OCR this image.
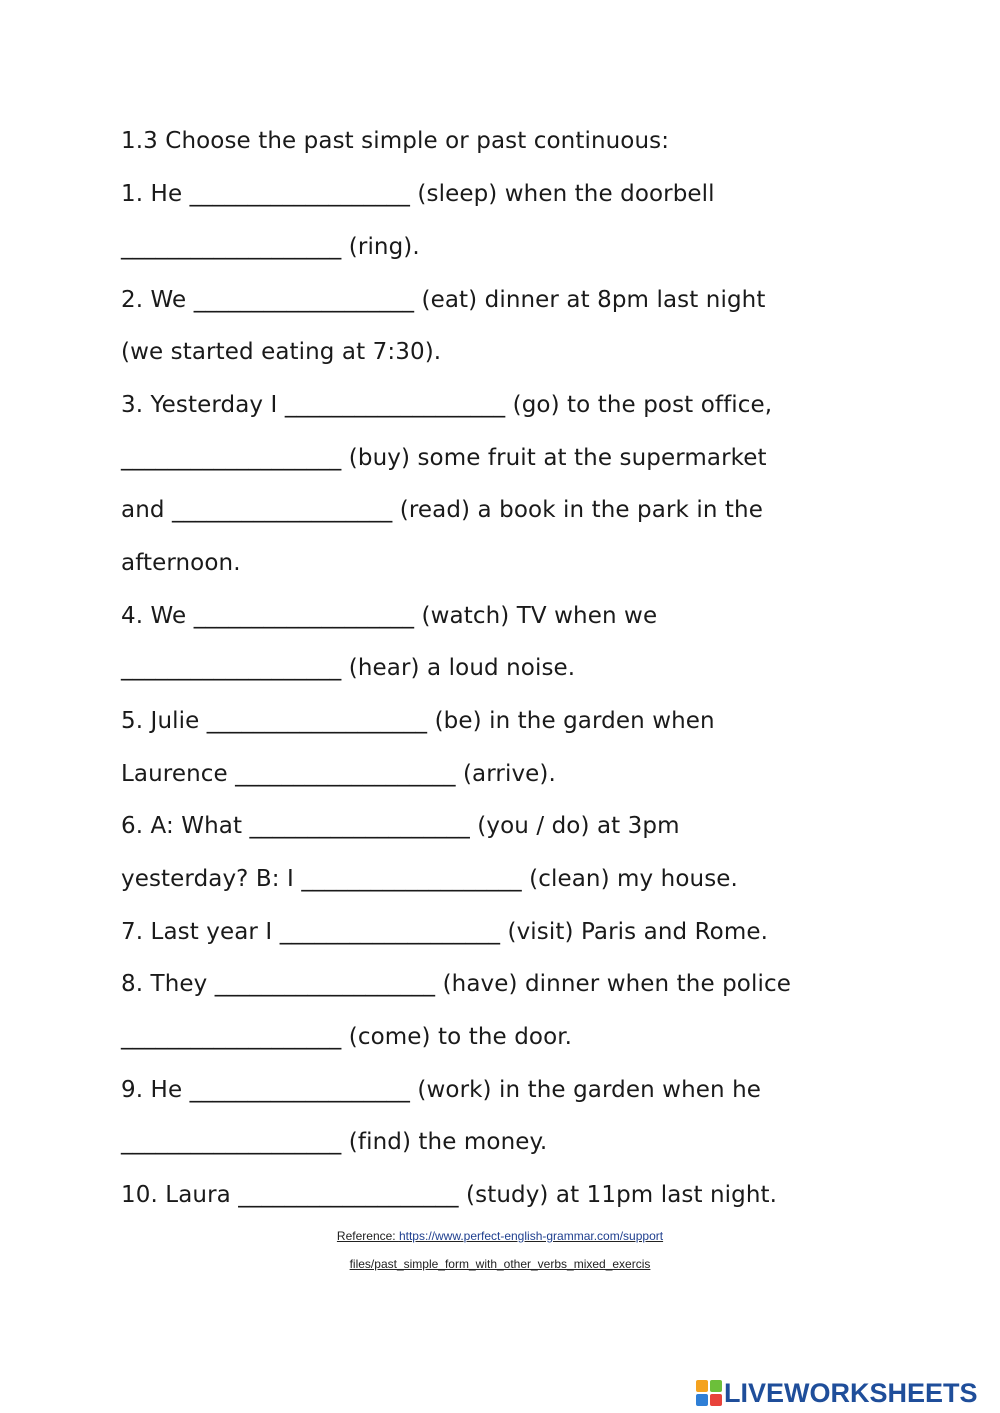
1.3 Choose the past simple or past continuous:
1. He ___________________ (sleep) when the doorbell
___________________ (ring).
2. We ___________________ (eat) dinner at 8pm last night
(we started eating at 7:30).
3. Yesterday I ___________________ (go) to the post office,
___________________ (buy) some fruit at the supermarket
and ___________________ (read) a book in the park in the
afternoon.
4. We ___________________ (watch) TV when we
___________________ (hear) a loud noise.
5. Julie ___________________ (be) in the garden when
Laurence ___________________ (arrive).
6. A: What ___________________ (you / do) at 3pm
yesterday? B: I ___________________ (clean) my house.
7. Last year I ___________________ (visit) Paris and Rome.
8. They ___________________ (have) dinner when the police
___________________ (come) to the door.
9. He ___________________ (work) in the garden when he
___________________ (find) the money.
10. Laura ___________________ (study) at 11pm last night.
Reference: https://www.perfect-english-grammar.com/support
files/past_simple_form_with_other_verbs_mixed_exercis
LIVEWORKSHEETS
